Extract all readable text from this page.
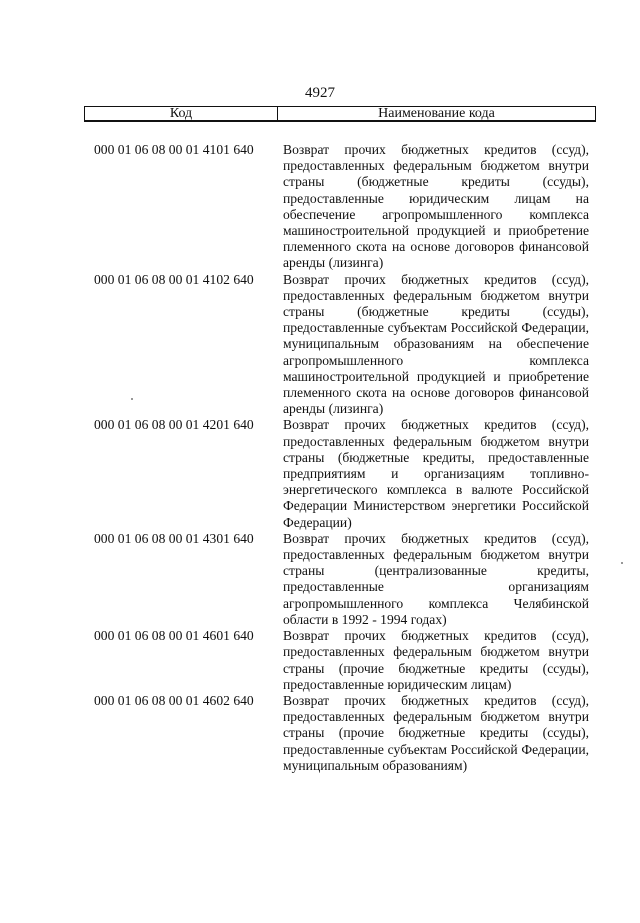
4927
Код	Наименование кода
000 01 06 08 00 01 4101 640	Возврат прочих бюджетных кредитов (ссуд), предоставленных федеральным бюджетом внутри страны (бюджетные кредиты (ссуды), предоставленные юридическим лицам на обеспечение агропромышленного комплекса машиностроительной продукцией и приобретение племенного скота на основе договоров финансовой аренды (лизинга)
000 01 06 08 00 01 4102 640	Возврат прочих бюджетных кредитов (ссуд), предоставленных федеральным бюджетом внутри страны (бюджетные кредиты (ссуды), предоставленные субъектам Российской Федерации, муниципальным образованиям на обеспечение агропромышленного комплекса машиностроительной продукцией и приобретение племенного скота на основе договоров финансовой аренды (лизинга)
000 01 06 08 00 01 4201 640	Возврат прочих бюджетных кредитов (ссуд), предоставленных федеральным бюджетом внутри страны (бюджетные кредиты, предоставленные предприятиям и организациям топливно-энергетического комплекса в валюте Российской Федерации Министерством энергетики Российской Федерации)
000 01 06 08 00 01 4301 640	Возврат прочих бюджетных кредитов (ссуд), предоставленных федеральным бюджетом внутри страны (централизованные кредиты, предоставленные организациям агропромышленного комплекса Челябинской области в 1992 - 1994 годах)
000 01 06 08 00 01 4601 640	Возврат прочих бюджетных кредитов (ссуд), предоставленных федеральным бюджетом внутри страны (прочие бюджетные кредиты (ссуды), предоставленные юридическим лицам)
000 01 06 08 00 01 4602 640	Возврат прочих бюджетных кредитов (ссуд), предоставленных федеральным бюджетом внутри страны (прочие бюджетные кредиты (ссуды), предоставленные субъектам Российской Федерации, муниципальным образованиям)
